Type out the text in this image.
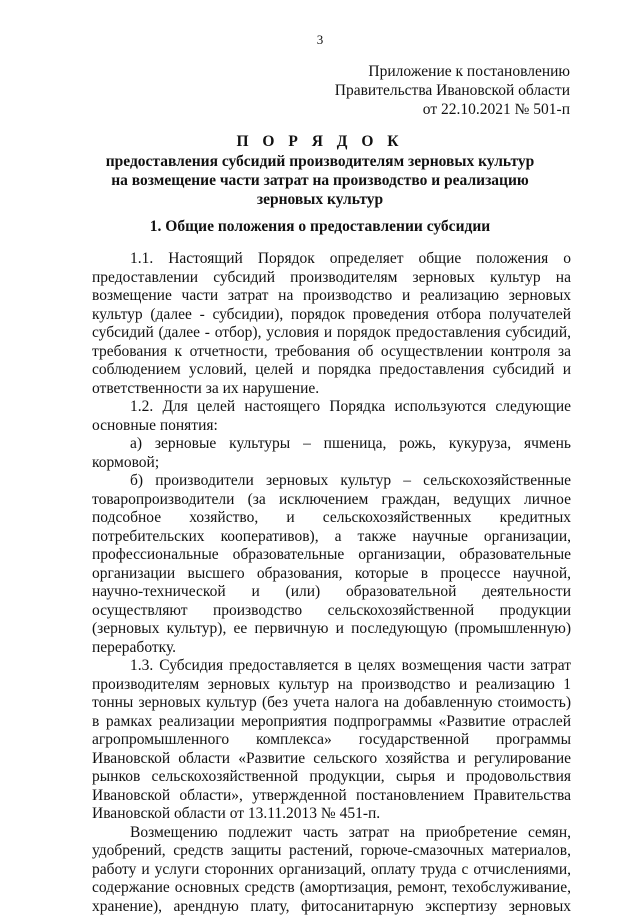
3
Приложение к постановлению
Правительства Ивановской области
от 22.10.2021 № 501-п
П О Р Я Д О К
предоставления субсидий производителям зерновых культур
на возмещение части затрат на производство и реализацию
зерновых культур
1. Общие положения о предоставлении субсидии

1.1. Настоящий Порядок определяет общие положения о предоставлении субсидий производителям зерновых культур на возмещение части затрат на производство и реализацию зерновых культур (далее - субсидии), порядок проведения отбора получателей субсидий (далее - отбор), условия и порядок предоставления субсидий, требования к отчетности, требования об осуществлении контроля за соблюдением условий, целей и порядка предоставления субсидий и ответственности за их нарушение.

1.2. Для целей настоящего Порядка используются следующие основные понятия:

а) зерновые культуры – пшеница, рожь, кукуруза, ячмень кормовой;

б) производители зерновых культур – сельскохозяйственные товаропроизводители (за исключением граждан, ведущих личное подсобное хозяйство, и сельскохозяйственных кредитных потребительских кооперативов), а также научные организации, профессиональные образовательные организации, образовательные организации высшего образования, которые в процессе научной, научно-технической и (или) образовательной деятельности осуществляют производство сельскохозяйственной продукции (зерновых культур), ее первичную и последующую (промышленную) переработку.

1.3. Субсидия предоставляется в целях возмещения части затрат производителям зерновых культур на производство и реализацию 1 тонны зерновых культур (без учета налога на добавленную стоимость) в рамках реализации мероприятия подпрограммы «Развитие отраслей агропромышленного комплекса» государственной программы Ивановской области «Развитие сельского хозяйства и регулирование рынков сельскохозяйственной продукции, сырья и продовольствия Ивановской области», утвержденной постановлением Правительства Ивановской области от 13.11.2013 № 451-п.

Возмещению подлежит часть затрат на приобретение семян, удобрений, средств защиты растений, горюче-смазочных материалов, работу и услуги сторонних организаций, оплату труда с отчислениями, содержание основных средств (амортизация, ремонт, техобслуживание, хранение), арендную плату, фитосанитарную экспертизу зерновых
